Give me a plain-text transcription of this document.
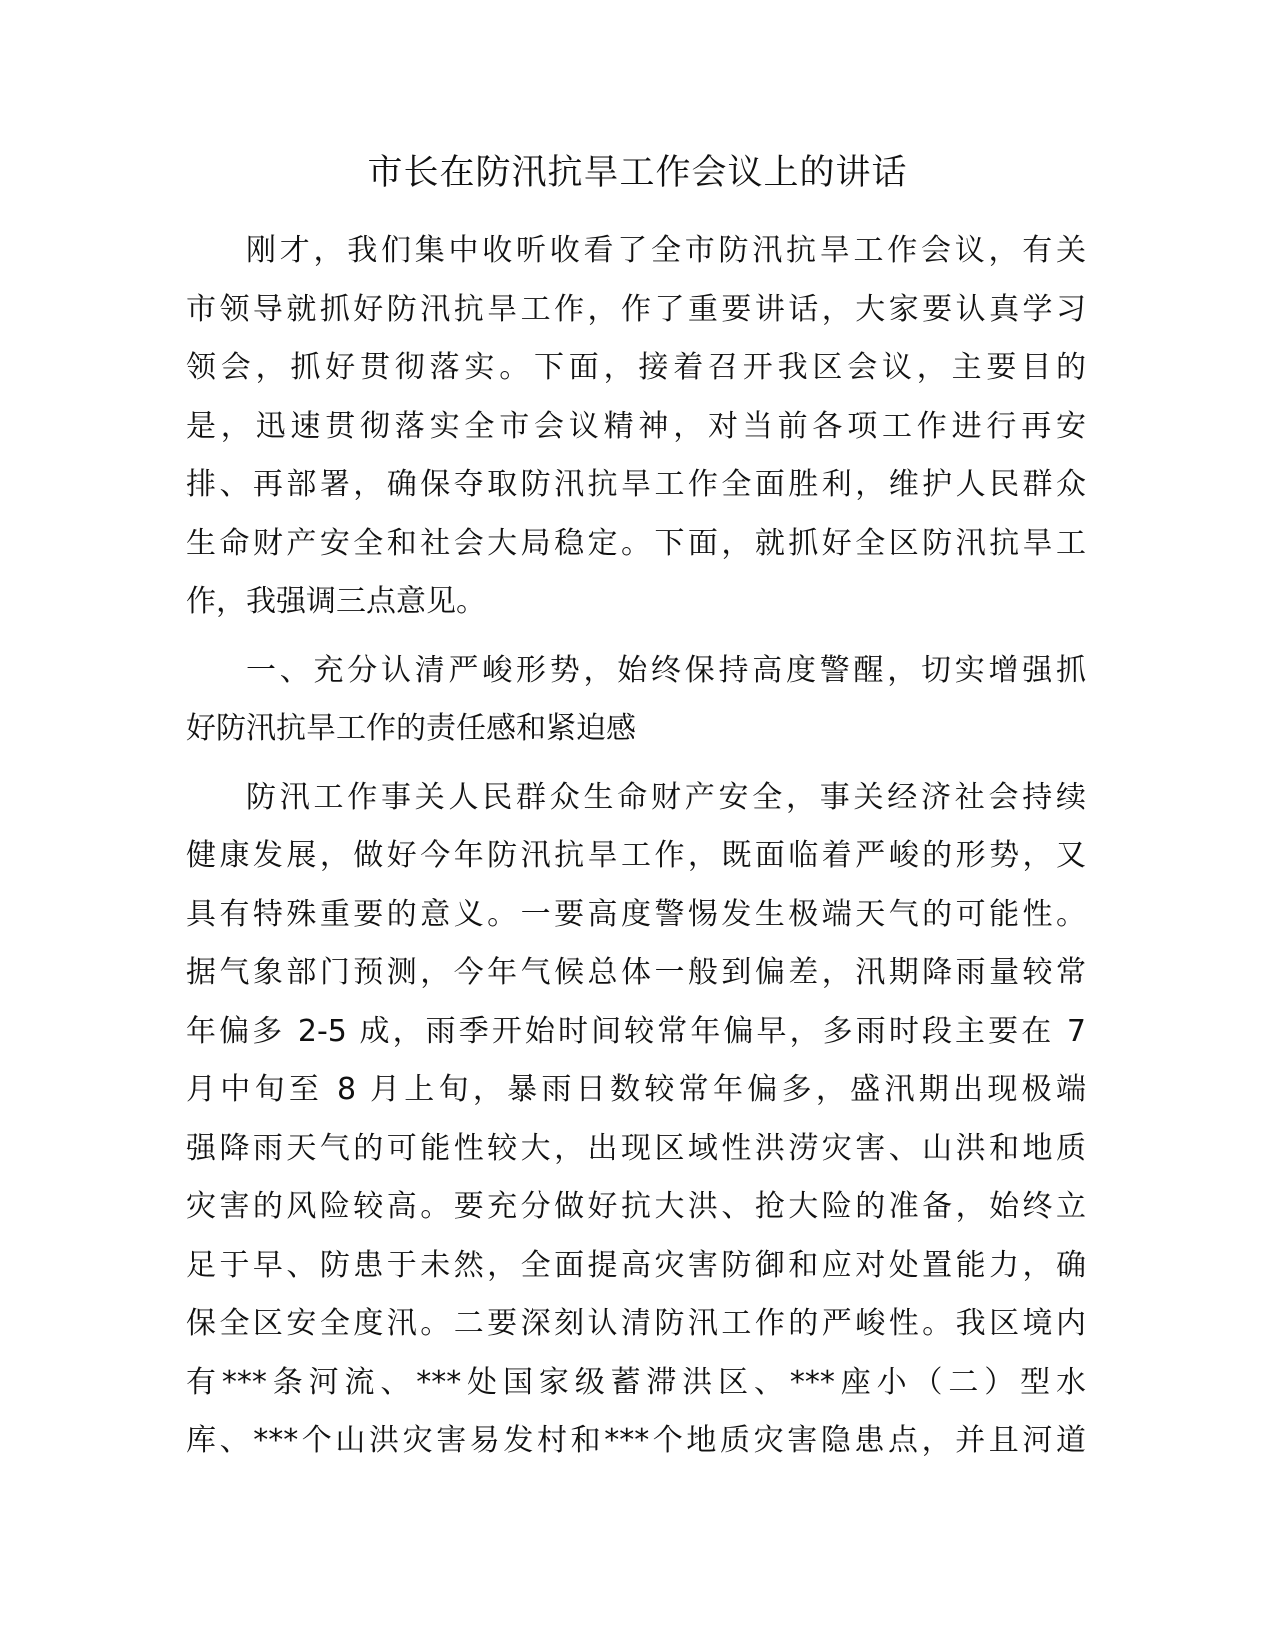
市长在防汛抗旱工作会议上的讲话

刚才，我们集中收听收看了全市防汛抗旱工作会议，有关
市领导就抓好防汛抗旱工作，作了重要讲话，大家要认真学习
领会，抓好贯彻落实。下面，接着召开我区会议，主要目的
是，迅速贯彻落实全市会议精神，对当前各项工作进行再安
排、再部署，确保夺取防汛抗旱工作全面胜利，维护人民群众
生命财产安全和社会大局稳定。下面，就抓好全区防汛抗旱工
作，我强调三点意见。

一、充分认清严峻形势，始终保持高度警醒，切实增强抓
好防汛抗旱工作的责任感和紧迫感

防汛工作事关人民群众生命财产安全，事关经济社会持续
健康发展，做好今年防汛抗旱工作，既面临着严峻的形势，又
具有特殊重要的意义。一要高度警惕发生极端天气的可能性。
据气象部门预测，今年气候总体一般到偏差，汛期降雨量较常
年偏多 2-5 成，雨季开始时间较常年偏早，多雨时段主要在 7
月中旬至 8 月上旬，暴雨日数较常年偏多，盛汛期出现极端
强降雨天气的可能性较大，出现区域性洪涝灾害、山洪和地质
灾害的风险较高。要充分做好抗大洪、抢大险的准备，始终立
足于早、防患于未然，全面提高灾害防御和应对处置能力，确
保全区安全度汛。二要深刻认清防汛工作的严峻性。我区境内
有***条河流、***处国家级蓄滞洪区、***座小（二）型水
库、***个山洪灾害易发村和***个地质灾害隐患点，并且河道
